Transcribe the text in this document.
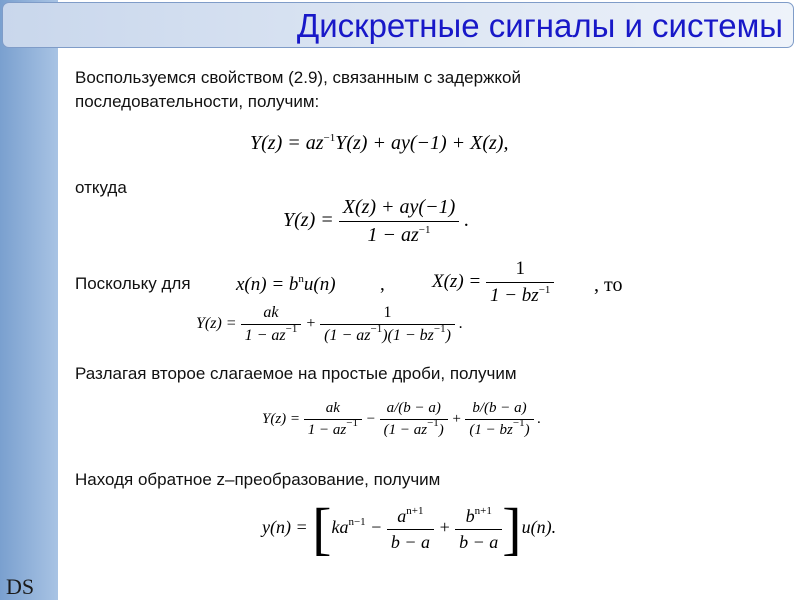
DS
Дискретные сигналы и системы
Воспользуемся свойством (2.9), связанным с задержкой
последовательности, получим:
$Y(z) = az^{-1}Y(z) + ay(-1) + X(z)$,
откуда
$Y(z) = \frac{X(z) + ay(-1)}{1 - az^{-1}}$ .
Поскольку для $x(n) = b^nu(n)$ , $X(z) = \frac{1}{1 - bz^{-1}}$ , то
$Y(z) = \frac{ak}{1 - az^{-1}} + \frac{1}{(1 - az^{-1})(1 - bz^{-1})}$ .
Разлагая второе слагаемое на простые дроби, получим
$Y(z) = \frac{ak}{1 - az^{-1}} - \frac{a/(b - a)}{(1 - az^{-1})} + \frac{b/(b - a)}{(1 - bz^{-1})}$ .
Находя обратное z–преобразование, получим
$y(n) = [ka^{n-1} - \frac{a^{n+1}}{b - a} + \frac{b^{n+1}}{b - a} ]u(n)$.
